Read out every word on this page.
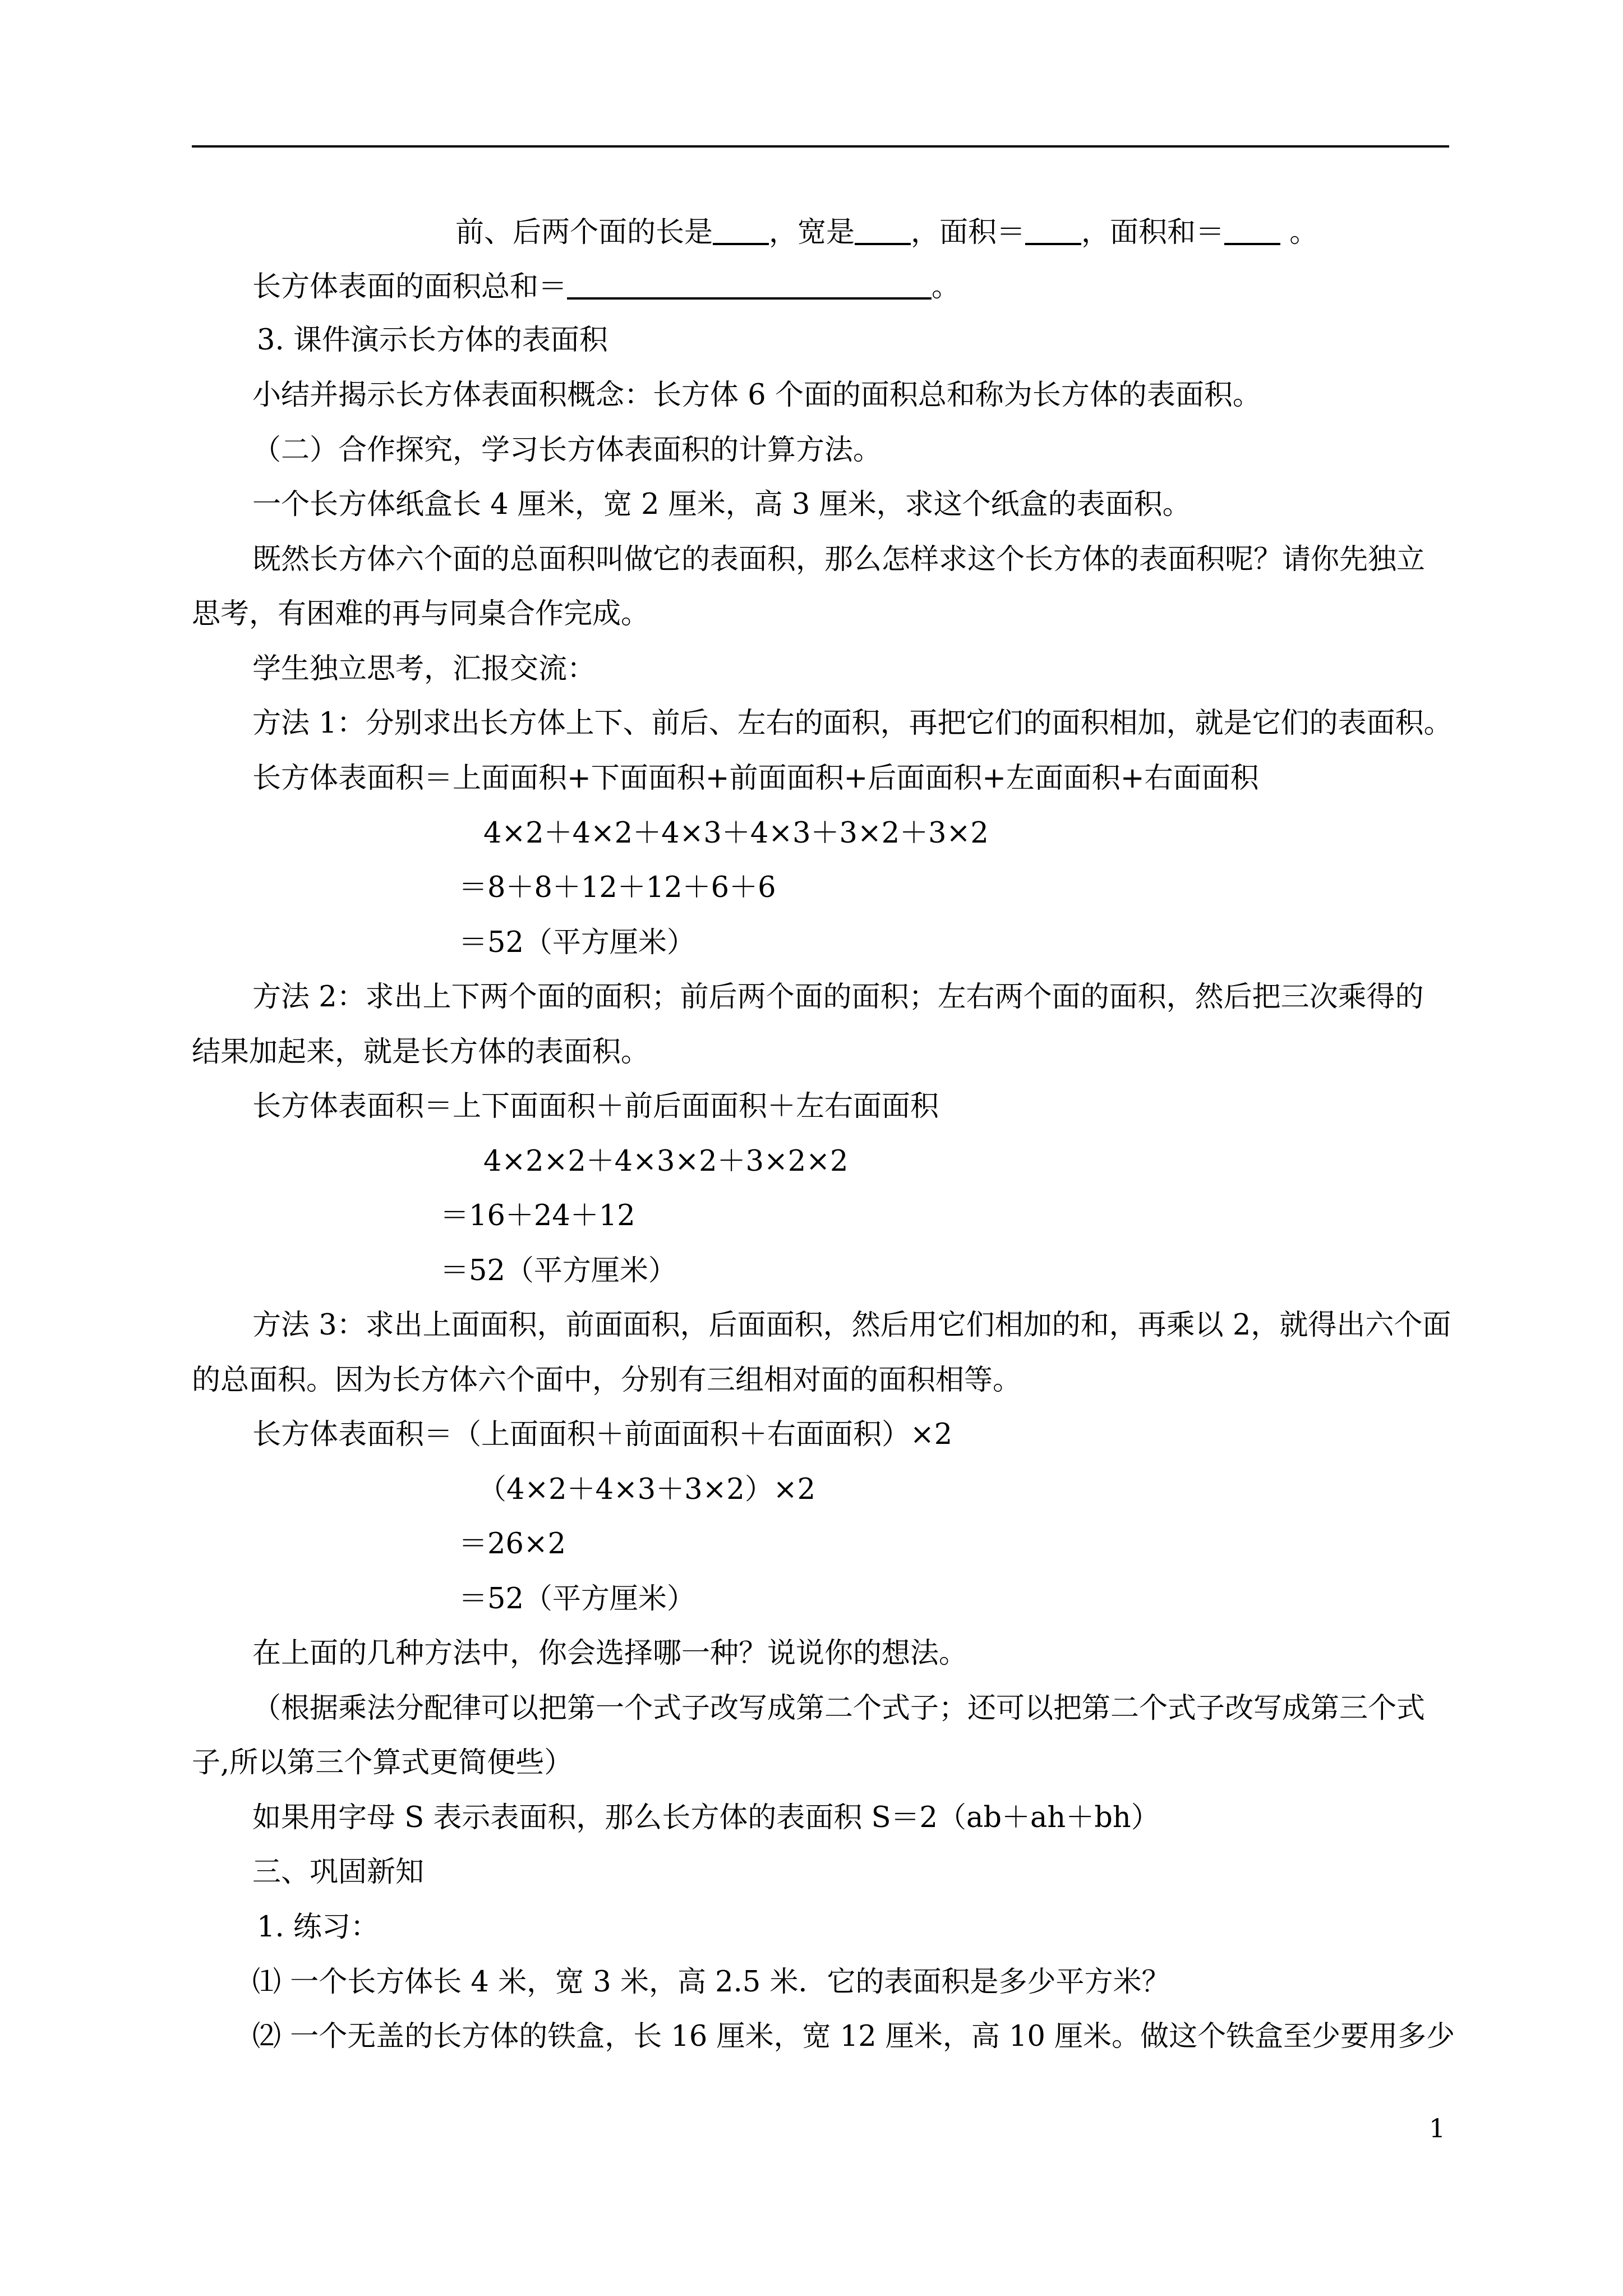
前、后两个面的长是 ，宽是 ，面积＝ ，面积和＝ 。
长方体表面的面积总和＝	。
3. 课件演示长方体的表面积
小结并揭示长方体表面积概念：长方体 6 个面的面积总和称为长方体的表面积。
（二）合作探究，学习长方体表面积的计算方法。
一个长方体纸盒长 4 厘米，宽 2 厘米，高 3 厘米，求这个纸盒的表面积。
既然长方体六个面的总面积叫做它的表面积，那么怎样求这个长方体的表面积呢？请你先独立
思考，有困难的再与同桌合作完成。
学生独立思考，汇报交流：
方法 1：分别求出长方体上下、前后、左右的面积，再把它们的面积相加，就是它们的表面积。
长方体表面积＝上面面积+下面面积+前面面积+后面面积+左面面积+右面面积
4×2＋4×2＋4×3＋4×3＋3×2＋3×2
＝8＋8＋12＋12＋6＋6
＝52（平方厘米）
方法 2：求出上下两个面的面积；前后两个面的面积；左右两个面的面积，然后把三次乘得的
结果加起来，就是长方体的表面积。
长方体表面积＝上下面面积＋前后面面积＋左右面面积
4×2×2＋4×3×2＋3×2×2
＝16＋24＋12
＝52（平方厘米）
方法 3：求出上面面积，前面面积，后面面积，然后用它们相加的和，再乘以 2，就得出六个面
的总面积。因为长方体六个面中，分别有三组相对面的面积相等。
长方体表面积＝（上面面积＋前面面积＋右面面积）×2
（4×2＋4×3＋3×2）×2
＝26×2
＝52（平方厘米）
在上面的几种方法中，你会选择哪一种？说说你的想法。
（根据乘法分配律可以把第一个式子改写成第二个式子；还可以把第二个式子改写成第三个式
子,所以第三个算式更简便些）
如果用字母 S 表示表面积，那么长方体的表面积 S＝2（ab＋ah＋bh）
三、巩固新知
1. 练习：
⑴ 一个长方体长 4 米，宽 3 米，高 2.5 米．它的表面积是多少平方米？
⑵ 一个无盖的长方体的铁盒，长 16 厘米，宽 12 厘米，高 10 厘米。做这个铁盒至少要用多少
1
